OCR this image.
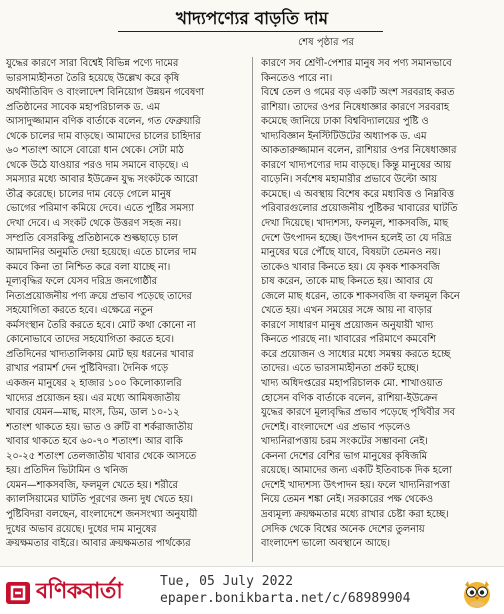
খাদ্যপণ্যের বাড়তি দাম
শেষ পৃষ্ঠার পর
যুদ্ধের কারণে সারা বিশ্বেই বিভিন্ন পণ্যে দামের
ভারসাম্যহীনতা তৈরি হয়েছে উল্লেখ করে কৃষি
অর্থনীতিবিদ ও বাংলাদেশ বিনিয়োগ উন্নয়ন গবেষণা
প্রতিষ্ঠানের সাবেক মহাপরিচালক ড. এম
আসাদুজ্জামান বণিক বার্তাকে বলেন, গত ফেব্রুয়ারি
থেকে চালের দাম বাড়ছে। আমাদের চালের চাহিদার
৬০ শতাংশ আসে বোরো ধান থেকে। সেটা মাঠ
থেকে উঠে যাওয়ার পরও দাম সমানে বাড়ছে। এ
সমস্যার মধ্যে আবার ইউক্রেন যুদ্ধ সংকটকে আরো
তীব্র করেছে। চালের দাম বেড়ে গেলে মানুষ
ভোগের পরিমাণ কমিয়ে দেবে। এতে পুষ্টির সমস্যা
দেখা দেবে। এ সংকট থেকে উত্তরণ সহজ নয়।
সম্প্রতি বেসরকিছু প্রতিষ্ঠানকে শুল্কছাড়ে চাল
আমদানির অনুমতি দেয়া হয়েছে। এতে চালের দাম
কমবে কিনা তা নিশ্চিত করে বলা যাচ্ছে না।
মূল্যবৃদ্ধির ফলে যেসব দরিদ্র জনগোষ্ঠীর
নিত্যপ্রয়োজনীয় পণ্য ক্রয়ে প্রভাব পড়েছে তাদের
সহযোগিতা করতে হবে। এক্ষেত্রে নতুন
কর্মসংস্থান তৈরি করতে হবে। মোট কথা কোনো না
কোনোভাবে তাদের সহযোগিতা করতে হবে।
প্রতিদিনের খাদ্যতালিকায় মোট ছয় ধরনের খাবার
রাখার পরামর্শ দেন পুষ্টিবিদরা। দৈনিক গড়ে
একজন মানুষের ২ হাজার ১০০ কিলোক্যালরি
খাদ্যের প্রয়োজন হয়। এর মধ্যে আমিষজাতীয়
খাবার যেমন—মাছ, মাংস, ডিম, ডাল ১০-১২
শতাংশ থাকতে হয়। ভাত ও রুটি বা শর্করাজাতীয়
খাবার থাকতে হবে ৬০-৭০ শতাংশ। আর বাকি
২০-২৫ শতাংশ তেলজাতীয় খাবার থেকে আসতে
হয়। প্রতিদিন ভিটামিন ও খনিজ
যেমন—শাকসবজি, ফলমূল খেতে হয়। শরীরে
ক্যালসিয়ামের ঘাটতি পূরণের জন্য দুধ খেতে হয়।
পুষ্টিবিদরা বলছেন, বাংলাদেশে জনসংখ্যা অনুযায়ী
দুধের অভাব রয়েছে। দুধের দাম মানুষের
ক্রয়ক্ষমতার বাইরে। আবার ক্রয়ক্ষমতার পার্থক্যের
কারণে সব শ্রেণী-পেশার মানুষ সব পণ্য সমানভাবে
কিনতেও পারে না।
বিশ্বে তেল ও গমের বড় একটি অংশ সরবরাহ করত
রাশিয়া। তাদের ওপর নিষেধাজ্ঞার কারণে সরবরাহ
কমেছে জানিয়ে ঢাকা বিশ্ববিদ্যালয়ের পুষ্টি ও
খাদ্যবিজ্ঞান ইনস্টিটিউটের অধ্যাপক ড. এম
আকতারুজ্জামান বলেন, রাশিয়ার ওপর নিষেধাজ্ঞার
কারণে খাদ্যপণ্যের দাম বাড়ছে। কিন্তু মানুষের আয়
বাড়েনি। সর্বশেষ মহামারীর প্রভাবে উল্টো আয়
কমেছে। এ অবস্থায় বিশেষ করে মধ্যবিত্ত ও নিম্নবিত্ত
পরিবারগুলোর প্রয়োজনীয় পুষ্টিকর খাবারের ঘাটতি
দেখা দিয়েছে। খাদ্যশস্য, ফলমূল, শাকসবজি, মাছ
দেশে উৎপাদন হচ্ছে। উৎপাদন হলেই তা যে দরিদ্র
মানুষের ঘরে পৌঁছে যাবে, বিষয়টা তেমনও নয়।
তাকেও খাবার কিনতে হয়। যে কৃষক শাকসবজি
চাষ করেন, তাকে মাছ কিনতে হয়। আবার যে
জেলে মাছ ধরেন, তাকে শাকসবজি বা ফলমূল কিনে
খেতে হয়। এখন সময়ের সঙ্গে আয় না বাড়ার
কারণে সাধারণ মানুষ প্রয়োজন অনুযায়ী খাদ্য
কিনতে পারছে না। খাবারের পরিমাণে কমবেশি
করে প্রয়োজন ও সাধ্যের মধ্যে সমন্বয় করতে হচ্ছে
তাদের। এতে ভারসাম্যহীনতা প্রকট হচ্ছে।
খাদ্য অধিদপ্তরের মহাপরিচালক মো. শাখাওয়াত
হোসেন বণিক বার্তাকে বলেন, রাশিয়া-ইউক্রেন
যুদ্ধের কারণে মূল্যবৃদ্ধির প্রভাব পড়েছে পৃথিবীর সব
দেশেই। বাংলাদেশে এর প্রভাব পড়লেও
খাদ্যনিরাপত্তায় চরম সংকটের সম্ভাবনা নেই।
কেননা দেশের বেশির ভাগ মানুষের কৃষিজমি
রয়েছে। আমাদের জন্য একটি ইতিবাচক দিক হলো
দেশেই খাদ্যশস্য উৎপাদন হয়। ফলে খাদ্যনিরাপত্তা
নিয়ে তেমন শঙ্কা নেই। সরকারের পক্ষ থেকেও
দ্রব্যমূল্য ক্রয়ক্ষমতার মধ্যে রাখার চেষ্টা করা হচ্ছে।
সেদিক থেকে বিশ্বের অনেক দেশের তুলনায়
বাংলাদেশ ভালো অবস্থানে আছে।
বণিকবার্তা	Tue, 05 July 2022
epaper.bonikbarta.net/c/68989904
